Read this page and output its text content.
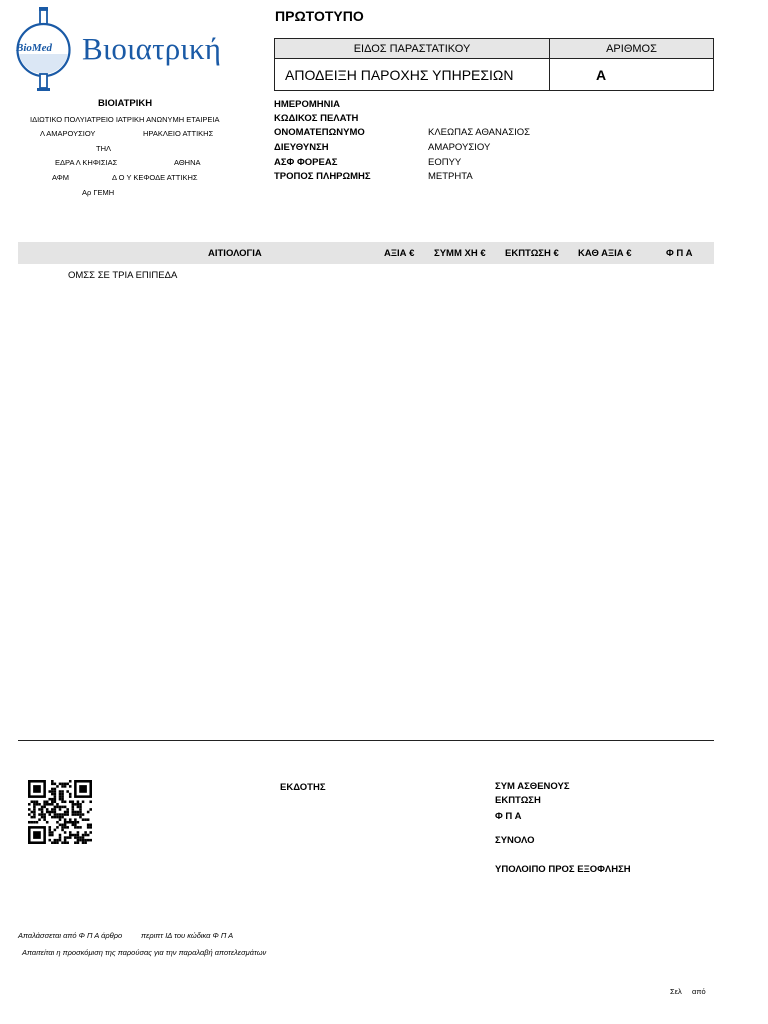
BioMed Βιοιατρική
ΠΡΩΤΟΤΥΠΟ
ΕΙΔΟΣ ΠΑΡΑΣΤΑΤΙΚΟΥ	ΑΡΙΘΜΟΣ
ΑΠΟΔΕΙΞΗ ΠΑΡΟΧΗΣ ΥΠΗΡΕΣΙΩΝ	Α
ΒΙΟΙΑΤΡΙΚΗ
ΙΔΙΩΤΙΚΟ ΠΟΛΥΙΑΤΡΕΙΟ ΙΑΤΡΙΚΗ ΑΝΩΝΥΜΗ ΕΤΑΙΡΕΙΑ
Λ ΑΜΑΡΟΥΣΙΟΥ	ΗΡΑΚΛΕΙΟ ΑΤΤΙΚΗΣ
ΤΗΛ
ΕΔΡΑ Λ ΚΗΦΙΣΙΑΣ	ΑΘΗΝΑ
ΑΦΜ	Δ Ο Υ ΚΕΦΟΔΕ ΑΤΤΙΚΗΣ
Αρ ΓΕΜΗ
ΗΜΕΡΟΜΗΝΙΑ
ΚΩΔΙΚΟΣ ΠΕΛΑΤΗ
ΟΝΟΜΑΤΕΠΩΝΥΜΟ	ΚΛΕΩΠΑΣ ΑΘΑΝΑΣΙΟΣ
ΔΙΕΥΘΥΝΣΗ	ΑΜΑΡΟΥΣΙΟΥ
ΑΣΦ ΦΟΡΕΑΣ	ΕΟΠΥΥ
ΤΡΟΠΟΣ ΠΛΗΡΩΜΗΣ	ΜΕΤΡΗΤΑ
ΑΙΤΙΟΛΟΓΙΑ	ΑΞΙΑ € ΣΥΜΜ ΧΗ € ΕΚΠΤΩΣΗ € ΚΑΘ ΑΞΙΑ €	Φ Π Α
ΟΜΣΣ ΣΕ ΤΡΙΑ ΕΠΙΠΕΔΑ
ΕΚΔΟΤΗΣ	ΣΥΜ ΑΣΘΕΝΟΥΣ
ΕΚΠΤΩΣΗ
Φ Π Α
ΣΥΝΟΛΟ
ΥΠΟΛΟΙΠΟ ΠΡΟΣ ΕΞΟΦΛΗΣΗ
Απαλάσσεται από Φ Π Α άρθρο	περιπτ ΙΔ του κώδικα Φ Π Α
Απαιτείται η προσκόμιση της παρούσας για την παραλαβή αποτελεσμάτων
Σελ από
